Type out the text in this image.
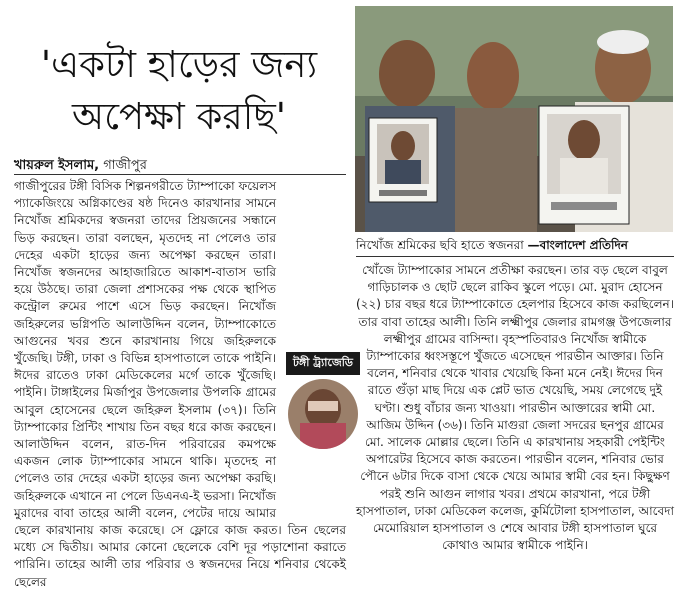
'একটা হাড়ের জন্য অপেক্ষা করছি'
খায়রুল ইসলাম, গাজীপুর
নিখোঁজ শ্রমিকের ছবি হাতে স্বজনরা —বাংলাদেশ প্রতিদিন

গাজীপুরের টঙ্গী বিসিক শিল্পনগরীতে ট্যাম্পাকো ফয়েলস প্যাকেজিংয়ে অগ্নিকাণ্ডের ষষ্ঠ দিনেও কারখানার সামনে নিখোঁজ শ্রমিকদের স্বজনরা তাদের প্রিয়জনের সন্ধানে ভিড় করছেন। তারা বলছেন, মৃতদেহ না পেলেও তার দেহের একটা হাড়ের জন্য অপেক্ষা করছেন তারা। নিখোঁজ স্বজনদের আহাজারিতে আকাশ-বাতাস ভারি হয়ে উঠছে। তারা জেলা প্রশাসকের পক্ষ থেকে স্থাপিত কন্ট্রোল রুমের পাশে এসে ভিড় করছেন। নিখোঁজ জহিরুলের ভগ্নিপতি আলাউদ্দিন বলেন, ট্যাম্পাকোতে আগুনের খবর শুনে কারখানায় গিয়ে জহিরুলকে খুঁজেছি। টঙ্গী, ঢাকা ও বিভিন্ন হাসপাতালে তাকে পাইনি। ঈদের রাতেও ঢাকা মেডিকেলের মর্গে তাকে খুঁজেছি। পাইনি। টাঙ্গাইলের মির্জাপুর উপজেলার উপলকি গ্রামের আবুল হোসেনের ছেলে জহিরুল ইসলাম (৩৭)। তিনি ট্যাম্পাকোর প্রিন্টিং শাখায় তিন বছর ধরে কাজ করছেন। আলাউদ্দিন বলেন, রাত-দিন পরিবারের কমপক্ষে একজন লোক ট্যাম্পাকোর সামনে থাকি। মৃতদেহ না পেলেও তার দেহের একটা হাড়ের জন্য অপেক্ষা করছি। জহিরুলকে এখানে না পেলে ডিএনএ-ই ভরসা। নিখোঁজ মুরাদের বাবা তাহের আলী বলেন, পেটের দায়ে আমার ছেলে কারখানায় কাজ করেছে। সে ফ্লোরে কাজ করত। তিন ছেলের মধ্যে সে দ্বিতীয়। আমার কোনো ছেলেকে বেশি দূর পড়াশোনা করাতে পারিনি। তাহের আলী তার পরিবার ও স্বজনদের নিয়ে শনিবার থেকেই ছেলের

টঙ্গী ট্র্যাজেডি

খোঁজে ট্যাম্পাকোর সামনে প্রতীক্ষা করছেন। তার বড় ছেলে বাবুল গাড়িচালক ও ছোট ছেলে রাকিব স্কুলে পড়ে। মো. মুরাদ হোসেন (২২) চার বছর ধরে ট্যাম্পাকোতে হেলপার হিসেবে কাজ করছিলেন। তার বাবা তাহের আলী। তিনি লক্ষ্মীপুর জেলার রামগঞ্জ উপজেলার লক্ষ্মীপুর গ্রামের বাসিন্দা। বৃহস্পতিবারও নিখোঁজ স্বামীকে ট্যাম্পাকোর ধ্বংসস্তূপে খুঁজতে এসেছেন পারভীন আক্তার। তিনি বলেন, শনিবার থেকে খাবার খেয়েছি কিনা মনে নেই। ঈদের দিন রাতে গুঁড়া মাছ দিয়ে এক প্লেট ভাত খেয়েছি, সময় লেগেছে দুই ঘণ্টা। শুধু বাঁচার জন্য খাওয়া। পারভীন আক্তারের স্বামী মো. আজিম উদ্দিন (৩৬)। তিনি মাগুরা জেলা সদরের ছনপুর গ্রামের মো. সালেক মোল্লার ছেলে। তিনি এ কারখানায় সহকারী পেইন্টিং অপারেটর হিসেবে কাজ করতেন। পারভীন বলেন, শনিবার ভোর পৌনে ৬টার দিকে বাসা থেকে খেয়ে আমার স্বামী বের হন। কিছুক্ষণ পরই শুনি আগুন লাগার খবর। প্রথমে কারখানা, পরে টঙ্গী হাসপাতাল, ঢাকা মেডিকেল কলেজ, কুর্মিটোলা হাসপাতাল, আবেদা মেমোরিয়াল হাসপাতাল ও শেষে আবার টঙ্গী হাসপাতাল ঘুরে কোথাও আমার স্বামীকে পাইনি।
